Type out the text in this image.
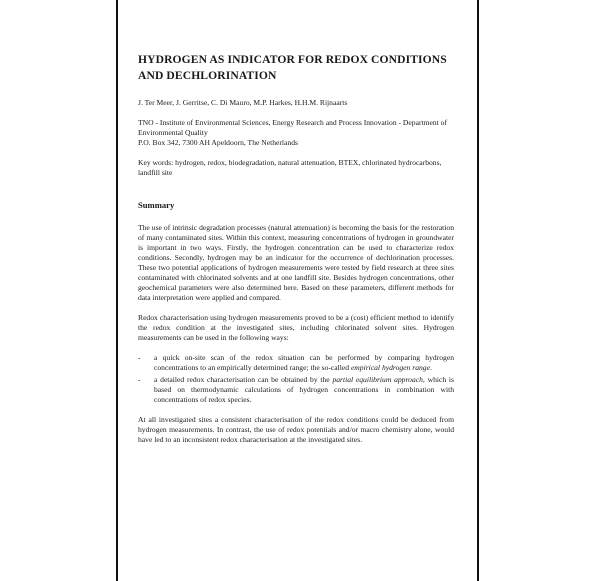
HYDROGEN AS INDICATOR FOR REDOX CONDITIONS AND DECHLORINATION
J. Ter Meer, J. Gerritse, C. Di Mauro, M.P. Harkes, H.H.M. Rijnaarts
TNO - Institute of Environmental Sciences, Energy Research and Process Innovation - Department of Environmental Quality
P.O. Box 342, 7300 AH Apeldoorn, The Netherlands
Key words: hydrogen, redox, biodegradation, natural attenuation, BTEX, chlorinated hydrocarbons, landfill site
Summary

The use of intrinsic degradation processes (natural attenuation) is becoming the basis for the restoration of many contaminated sites. Within this context, measuring concentrations of hydrogen in groundwater is important in two ways. Firstly, the hydrogen concentration can be used to characterize redox conditions. Secondly, hydrogen may be an indicator for the occurrence of dechlorination processes. These two potential applications of hydrogen measurements were tested by field research at three sites contaminated with chlorinated solvents and at one landfill site. Besides hydrogen concentrations, other geochemical parameters were also determined here. Based on these parameters, different methods for data interpretation were applied and compared.

Redox characterisation using hydrogen measurements proved to be a (cost) efficient method to identify the redox condition at the investigated sites, including chlorinated solvent sites. Hydrogen measurements can be used in the following ways:

- a quick on-site scan of the redox situation can be performed by comparing hydrogen concentrations to an empirically determined range; the so-called empirical hydrogen range.
- a detailed redox characterisation can be obtained by the partial equilibrium approach, which is based on thermodynamic calculations of hydrogen concentrations in combination with concentrations of redox species.

At all investigated sites a consistent characterisation of the redox conditions could be deduced from hydrogen measurements. In contrast, the use of redox potentials and/or macro chemistry alone, would have led to an inconsistent redox characterisation at the investigated sites.
